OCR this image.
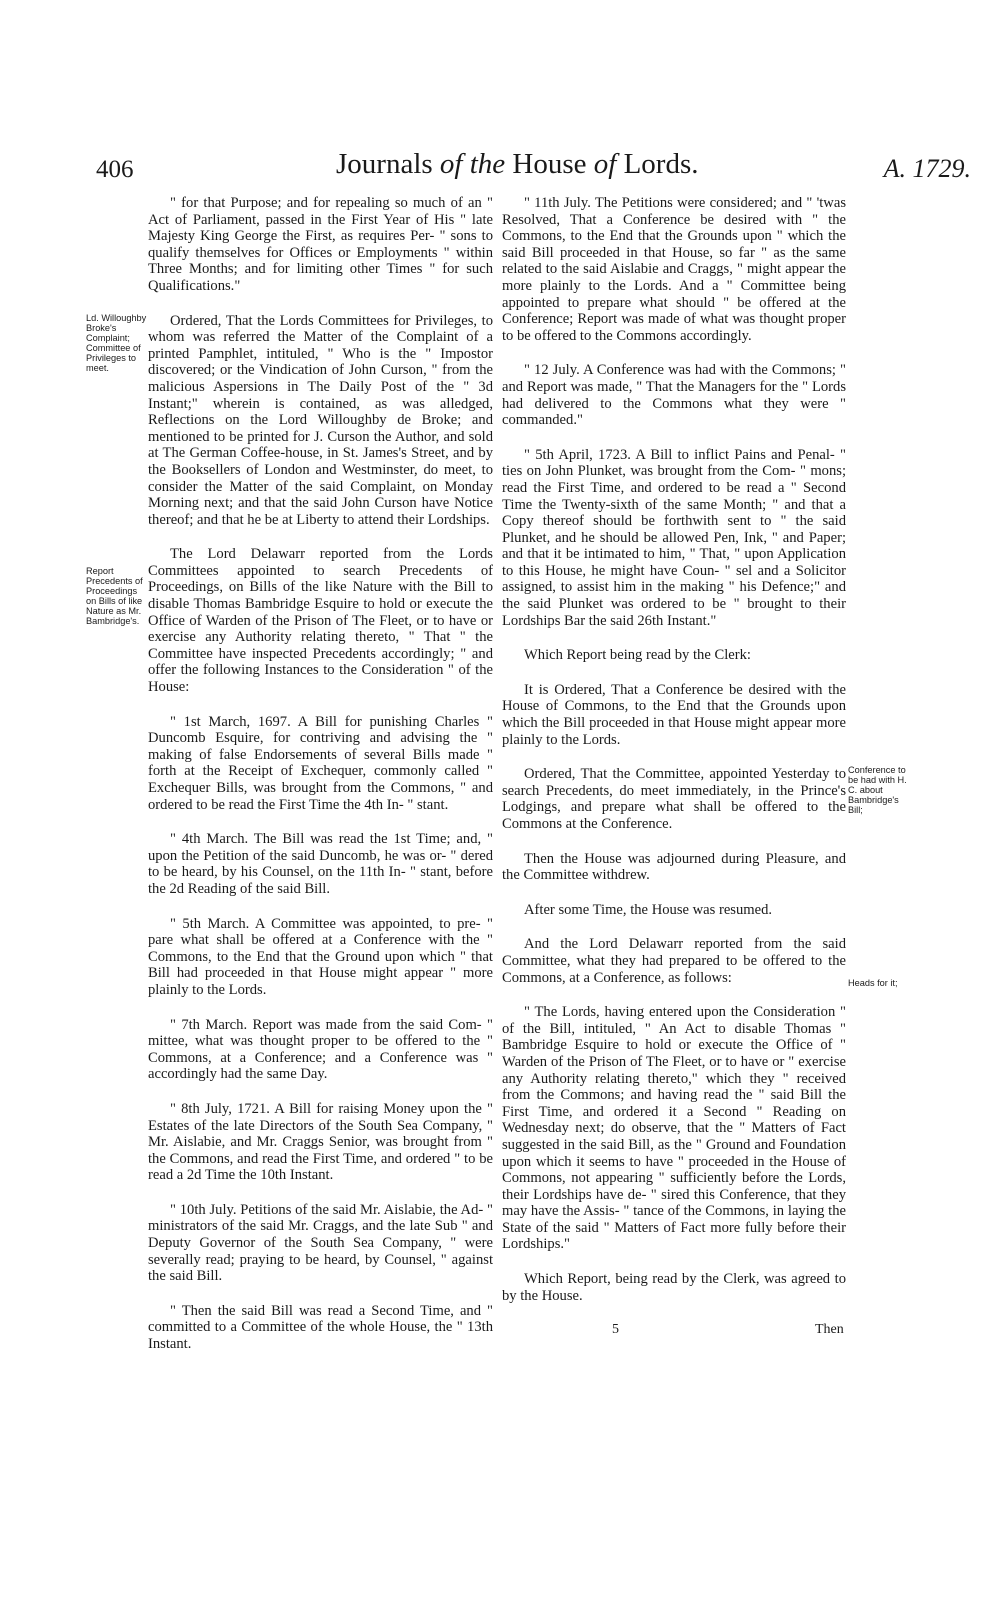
406	Journals of the House of Lords.	A. 1729.
Ld. Willoughby Broke's Complaint; Committee of Privileges to meet.
Report Precedents of Proceedings on Bills of like Nature as Mr. Bambridge's.
Conference to be had with H. C. about Bambridge's Bill;
Heads for it;

" for that Purpose; and for repealing so much of an " Act of Parliament, passed in the First Year of His " late Majesty King George the First, as requires Per- " sons to qualify themselves for Offices or Employments " within Three Months; and for limiting other Times " for such Qualifications."

Ordered, That the Lords Committees for Privileges, to whom was referred the Matter of the Complaint of a printed Pamphlet, intituled, " Who is the " Impostor discovered; or the Vindication of John Curson, " from the malicious Aspersions in The Daily Post of the " 3d Instant;" wherein is contained, as was alledged, Reflections on the Lord Willoughby de Broke; and mentioned to be printed for J. Curson the Author, and sold at The German Coffee-house, in St. James's Street, and by the Booksellers of London and Westminster, do meet, to consider the Matter of the said Complaint, on Monday Morning next; and that the said John Curson have Notice thereof; and that he be at Liberty to attend their Lordships.

The Lord Delawarr reported from the Lords Committees appointed to search Precedents of Proceedings, on Bills of the like Nature with the Bill to disable Thomas Bambridge Esquire to hold or execute the Office of Warden of the Prison of The Fleet, or to have or exercise any Authority relating thereto, " That " the Committee have inspected Precedents accordingly; " and offer the following Instances to the Consideration " of the House:

" 1st March, 1697. A Bill for punishing Charles " Duncomb Esquire, for contriving and advising the " making of false Endorsements of several Bills made " forth at the Receipt of Exchequer, commonly called " Exchequer Bills, was brought from the Commons, " and ordered to be read the First Time the 4th In- " stant.

" 4th March. The Bill was read the 1st Time; and, " upon the Petition of the said Duncomb, he was or- " dered to be heard, by his Counsel, on the 11th In- " stant, before the 2d Reading of the said Bill.

" 5th March. A Committee was appointed, to pre- " pare what shall be offered at a Conference with the " Commons, to the End that the Ground upon which " that Bill had proceeded in that House might appear " more plainly to the Lords.

" 7th March. Report was made from the said Com- " mittee, what was thought proper to be offered to the " Commons, at a Conference; and a Conference was " accordingly had the same Day.

" 8th July, 1721. A Bill for raising Money upon the " Estates of the late Directors of the South Sea Company, " Mr. Aislabie, and Mr. Craggs Senior, was brought from " the Commons, and read the First Time, and ordered " to be read a 2d Time the 10th Instant.

" 10th July. Petitions of the said Mr. Aislabie, the Ad- " ministrators of the said Mr. Craggs, and the late Sub " and Deputy Governor of the South Sea Company, " were severally read; praying to be heard, by Counsel, " against the said Bill.

" Then the said Bill was read a Second Time, and " committed to a Committee of the whole House, the " 13th Instant.

" 11th July. The Petitions were considered; and " 'twas Resolved, That a Conference be desired with " the Commons, to the End that the Grounds upon " which the said Bill proceeded in that House, so far " as the same related to the said Aislabie and Craggs, " might appear the more plainly to the Lords. And a " Committee being appointed to prepare what should " be offered at the Conference; Report was made of what was thought proper to be offered to the Commons accordingly.

" 12 July. A Conference was had with the Commons; " and Report was made, " That the Managers for the " Lords had delivered to the Commons what they were " commanded."

" 5th April, 1723. A Bill to inflict Pains and Penal- " ties on John Plunket, was brought from the Com- " mons; read the First Time, and ordered to be read a " Second Time the Twenty-sixth of the same Month; " and that a Copy thereof should be forthwith sent to " the said Plunket, and he should be allowed Pen, Ink, " and Paper; and that it be intimated to him, " That, " upon Application to this House, he might have Coun- " sel and a Solicitor assigned, to assist him in the making " his Defence;" and the said Plunket was ordered to be " brought to their Lordships Bar the said 26th Instant."

Which Report being read by the Clerk:

It is Ordered, That a Conference be desired with the House of Commons, to the End that the Grounds upon which the Bill proceeded in that House might appear more plainly to the Lords.

Ordered, That the Committee, appointed Yesterday to search Precedents, do meet immediately, in the Prince's Lodgings, and prepare what shall be offered to the Commons at the Conference.

Then the House was adjourned during Pleasure, and the Committee withdrew.

After some Time, the House was resumed.

And the Lord Delawarr reported from the said Committee, what they had prepared to be offered to the Commons, at a Conference, as follows:

" The Lords, having entered upon the Consideration " of the Bill, intituled, " An Act to disable Thomas " Bambridge Esquire to hold or execute the Office of " Warden of the Prison of The Fleet, or to have or " exercise any Authority relating thereto," which they " received from the Commons; and having read the " said Bill the First Time, and ordered it a Second " Reading on Wednesday next; do observe, that the " Matters of Fact suggested in the said Bill, as the " Ground and Foundation upon which it seems to have " proceeded in the House of Commons, not appearing " sufficiently before the Lords, their Lordships have de- " sired this Conference, that they may have the Assis- " tance of the Commons, in laying the State of the said " Matters of Fact more fully before their Lordships."

Which Report, being read by the Clerk, was agreed to by the House.

5	Then
